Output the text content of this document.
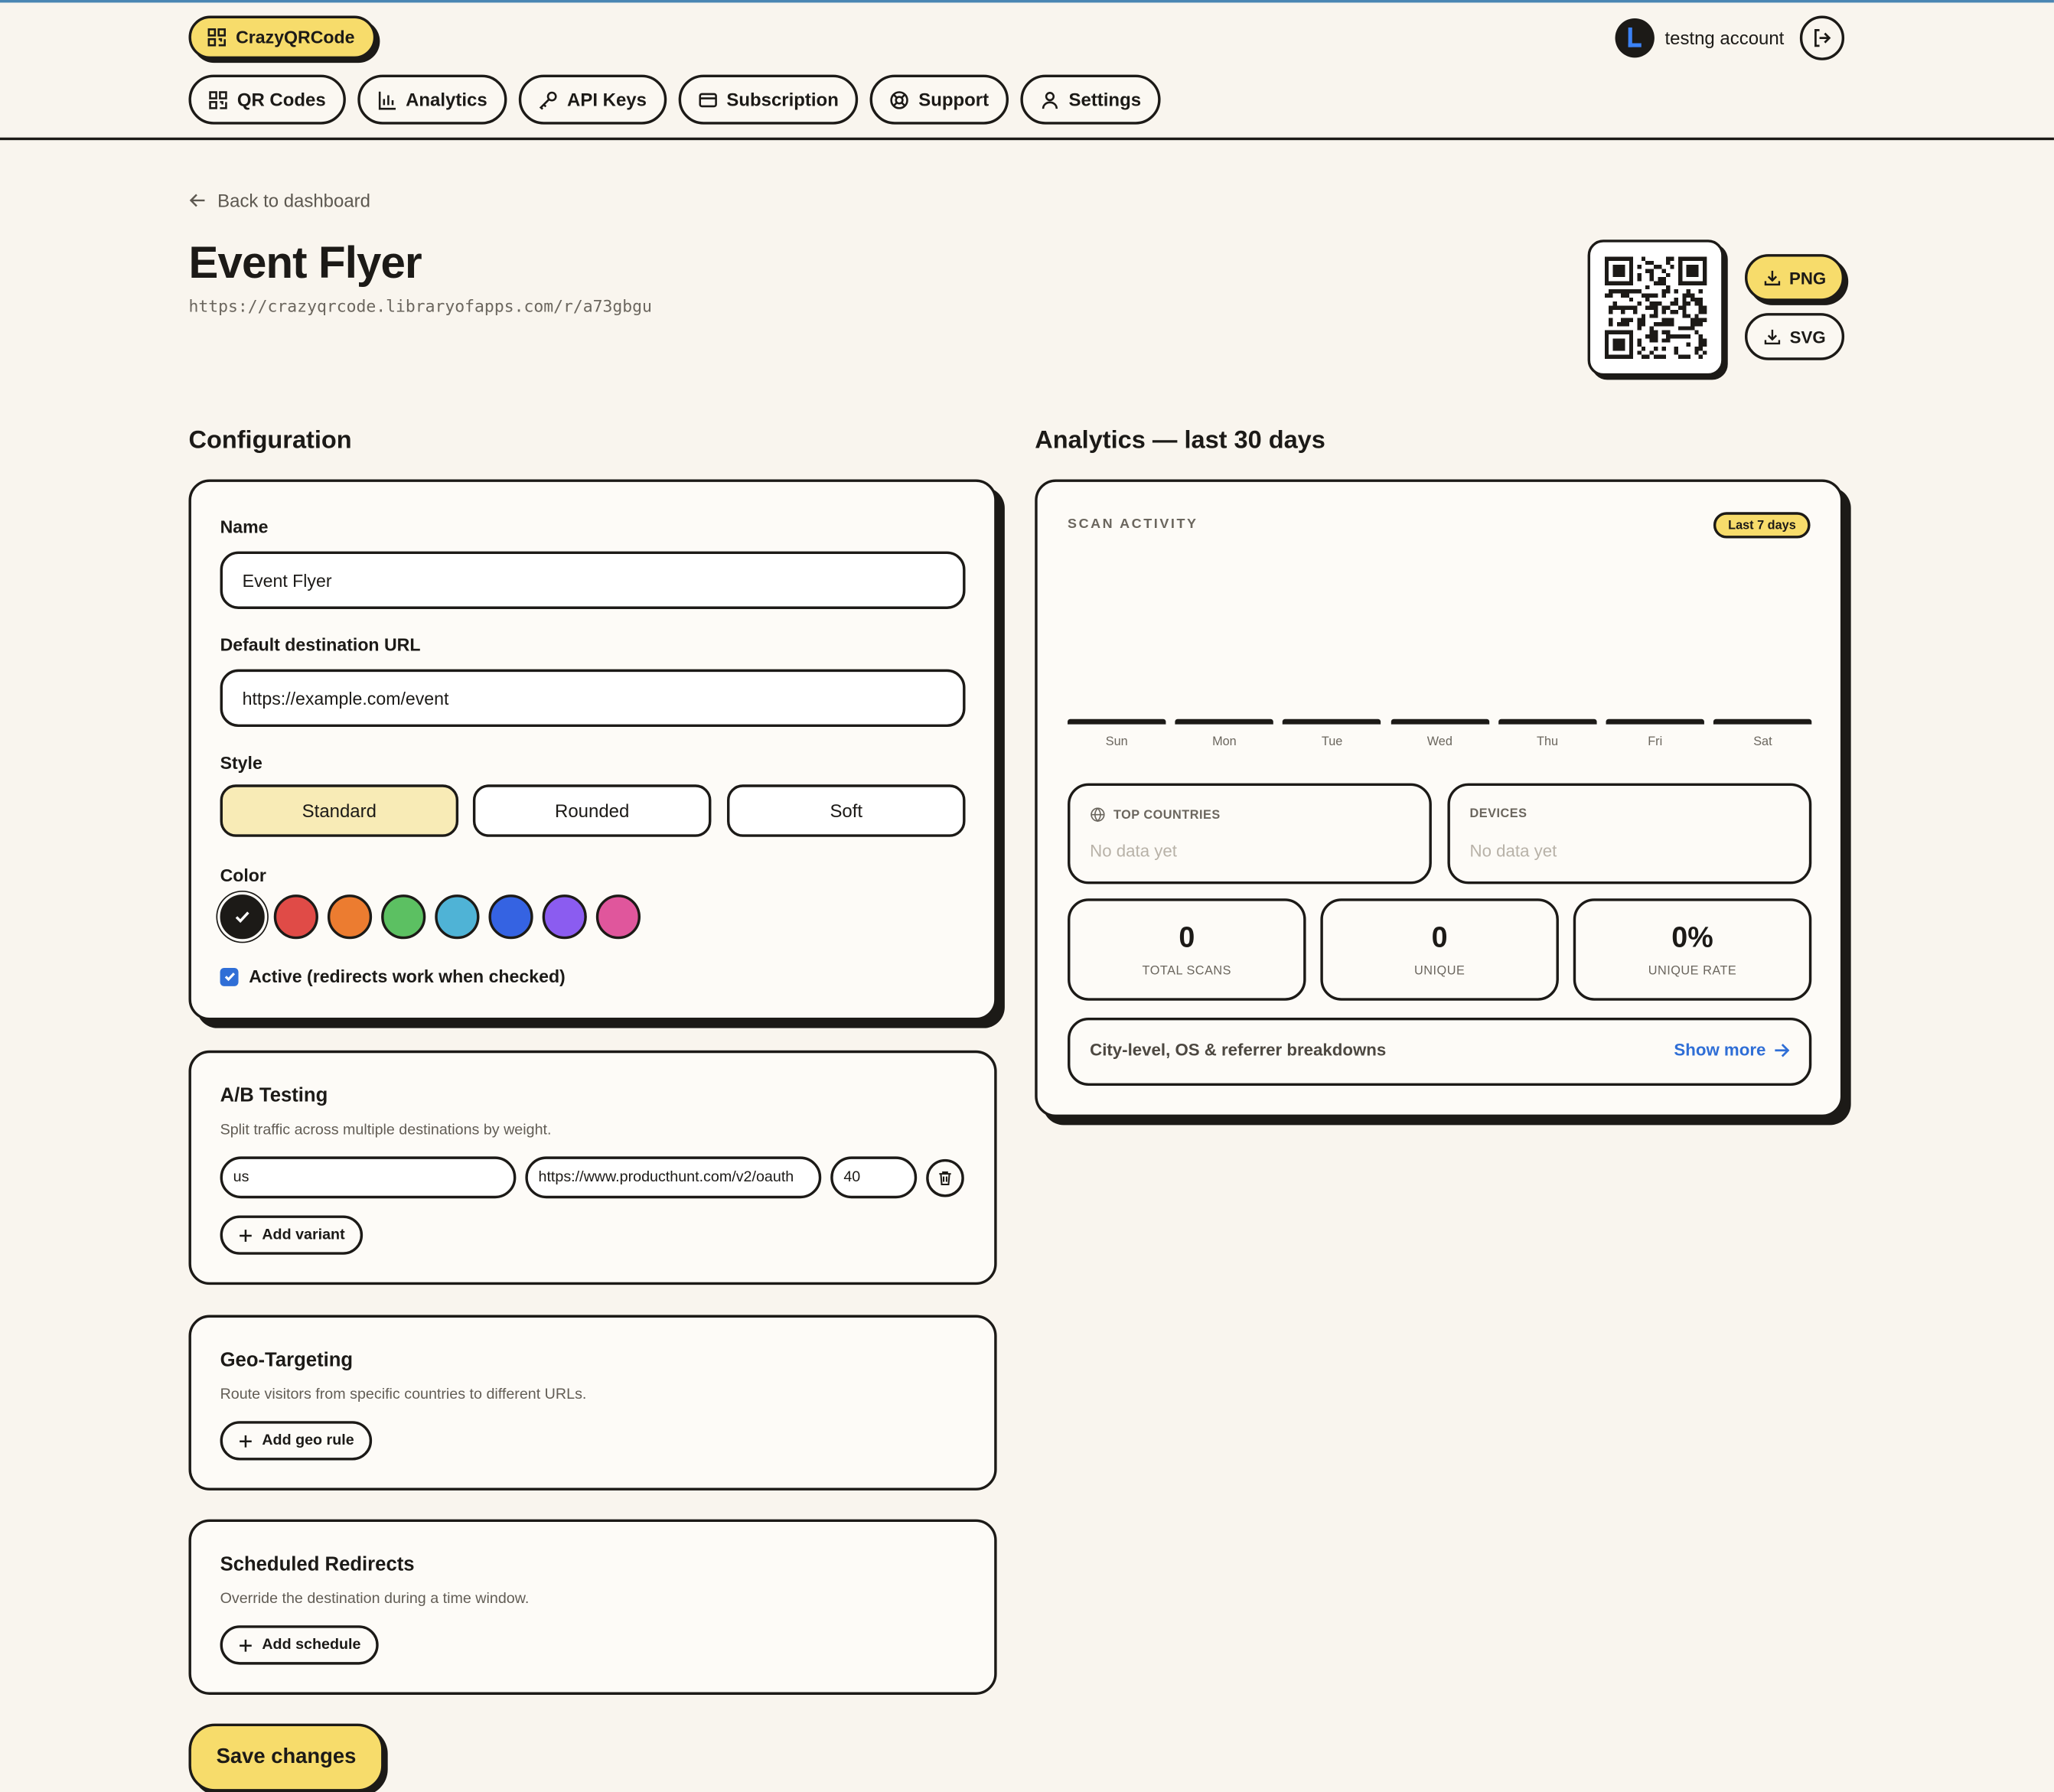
CrazyQRCode
QR Codes	Analytics	API Keys	Subscription	Support	Settings
testng account
Back to dashboard
Event Flyer
https://crazyqrcode.libraryofapps.com/r/a73gbgu
PNG
SVG
Configuration	Analytics — last 30 days
Name
Event Flyer
Default destination URL
https://example.com/event
Style
Standard	Rounded	Soft
Color
Active (redirects work when checked)
A/B Testing
Split traffic across multiple destinations by weight.
us	https://www.producthunt.com/v2/oauth	40
Add variant
Geo-Targeting
Route visitors from specific countries to different URLs.
Add geo rule
Scheduled Redirects
Override the destination during a time window.
Add schedule
Save changes
SCAN ACTIVITY	Last 7 days
Sun	Mon	Tue	Wed	Thu	Fri	Sat
TOP COUNTRIES
No data yet
DEVICES
No data yet
0
TOTAL SCANS
0
UNIQUE
0%
UNIQUE RATE
City-level, OS & referrer breakdowns	Show more
